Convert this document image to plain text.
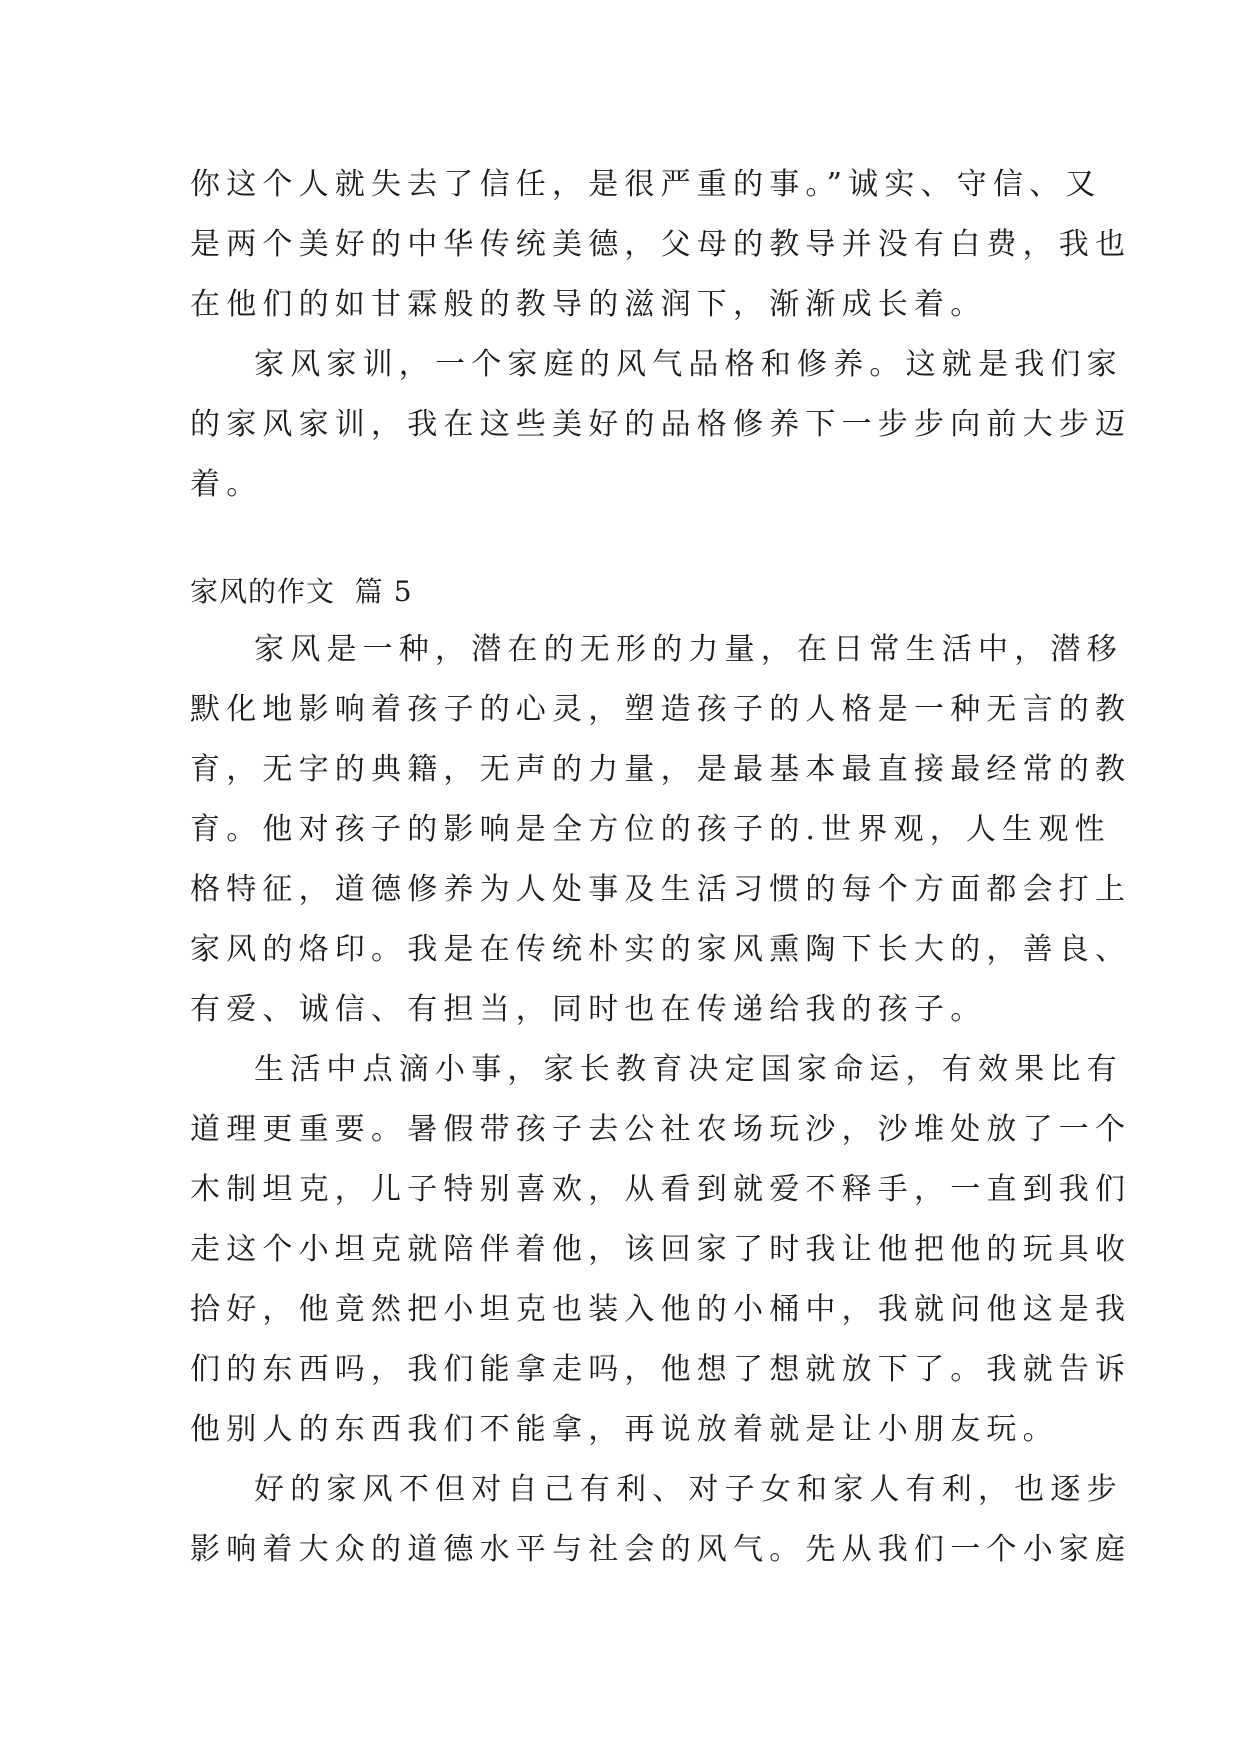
你这个人就失去了信任，是很严重的事。”诚实、守信、又
是两个美好的中华传统美德，父母的教导并没有白费，我也
在他们的如甘霖般的教导的滋润下，渐渐成长着。
家风家训，一个家庭的风气品格和修养。这就是我们家
的家风家训，我在这些美好的品格修养下一步步向前大步迈
着。
家风的作文  篇 5
家风是一种，潜在的无形的力量，在日常生活中，潜移
默化地影响着孩子的心灵，塑造孩子的人格是一种无言的教
育，无字的典籍，无声的力量，是最基本最直接最经常的教
育。他对孩子的影响是全方位的孩子的.世界观，人生观性
格特征，道德修养为人处事及生活习惯的每个方面都会打上
家风的烙印。我是在传统朴实的家风熏陶下长大的，善良、
有爱、诚信、有担当，同时也在传递给我的孩子。
生活中点滴小事，家长教育决定国家命运，有效果比有
道理更重要。暑假带孩子去公社农场玩沙，沙堆处放了一个
木制坦克，儿子特别喜欢，从看到就爱不释手，一直到我们
走这个小坦克就陪伴着他，该回家了时我让他把他的玩具收
拾好，他竟然把小坦克也装入他的小桶中，我就问他这是我
们的东西吗，我们能拿走吗，他想了想就放下了。我就告诉
他别人的东西我们不能拿，再说放着就是让小朋友玩。
好的家风不但对自己有利、对子女和家人有利，也逐步
影响着大众的道德水平与社会的风气。先从我们一个小家庭
